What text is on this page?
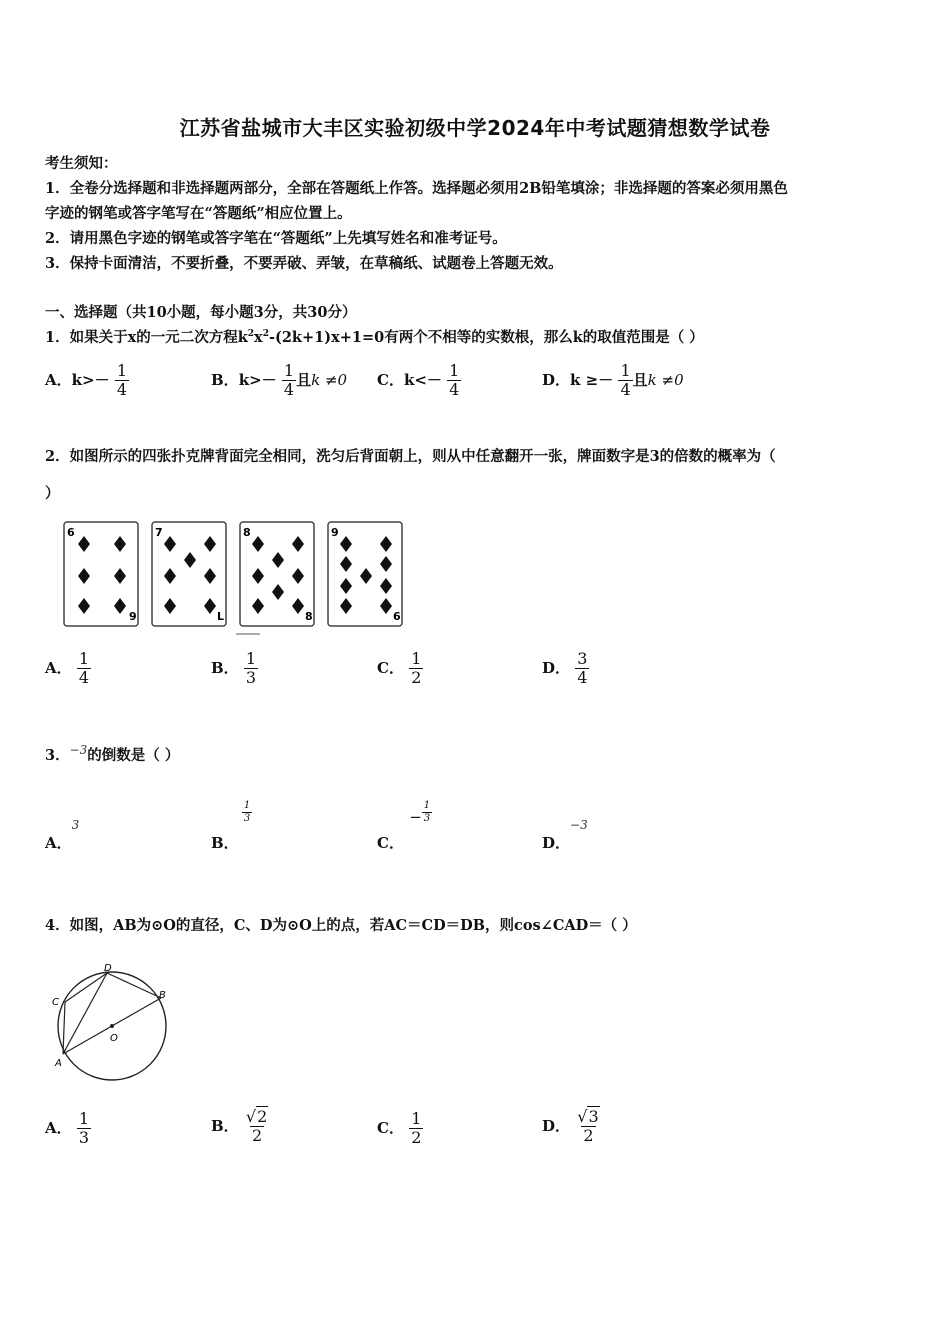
江苏省盐城市大丰区实验初级中学2024年中考试题猜想数学试卷
考生须知：
1．全卷分选择题和非选择题两部分，全部在答题纸上作答。选择题必须用2B铅笔填涂；非选择题的答案必须用黑色
字迹的钢笔或答字笔写在“答题纸”相应位置上。
2．请用黑色字迹的钢笔或答字笔在“答题纸”上先填写姓名和准考证号。
3．保持卡面清洁，不要折叠，不要弄破、弄皱，在草稿纸、试题卷上答题无效。
一、选择题（共10小题，每小题3分，共30分）
1．如果关于x的一元二次方程$k^2x^2-(2k+1)x+1=0$有两个不相等的实数根，那么k的取值范围是（ ）
A．$k>- \frac{1}{4}$	B．$k>- \frac{1}{4}$ 且k ≠0 C．$k<- \frac{1}{4}$	D．$k \ge- \frac{1}{4}$ 且k ≠0
2．如图所示的四张扑克牌背面完全相同，洗匀后背面朝上，则从中任意翻开一张，牌面数字是3的倍数的概率为（
）
6
9
7
L
8
8
9
6
A． $\frac{1}{4}$	B． $\frac{1}{3}$	C． $\frac{1}{2}$	D． $\frac{3}{4}$
3．$^{-3}$的倒数是（ ）
A．$^3$
B．
$\frac{1}{3}$
C． − $\frac{1}{3}$
D．$^{-3}$
4．如图，AB为⊙O的直径，C、D为⊙O上的点，若AC＝CD＝DB，则cos∠CAD＝（ ）
D
C
B
A
O
A． $\frac{1}{3}$	B． $\frac{√2}{2}$	C． $\frac{1}{2}$	D． $\frac{√3}{2}$
